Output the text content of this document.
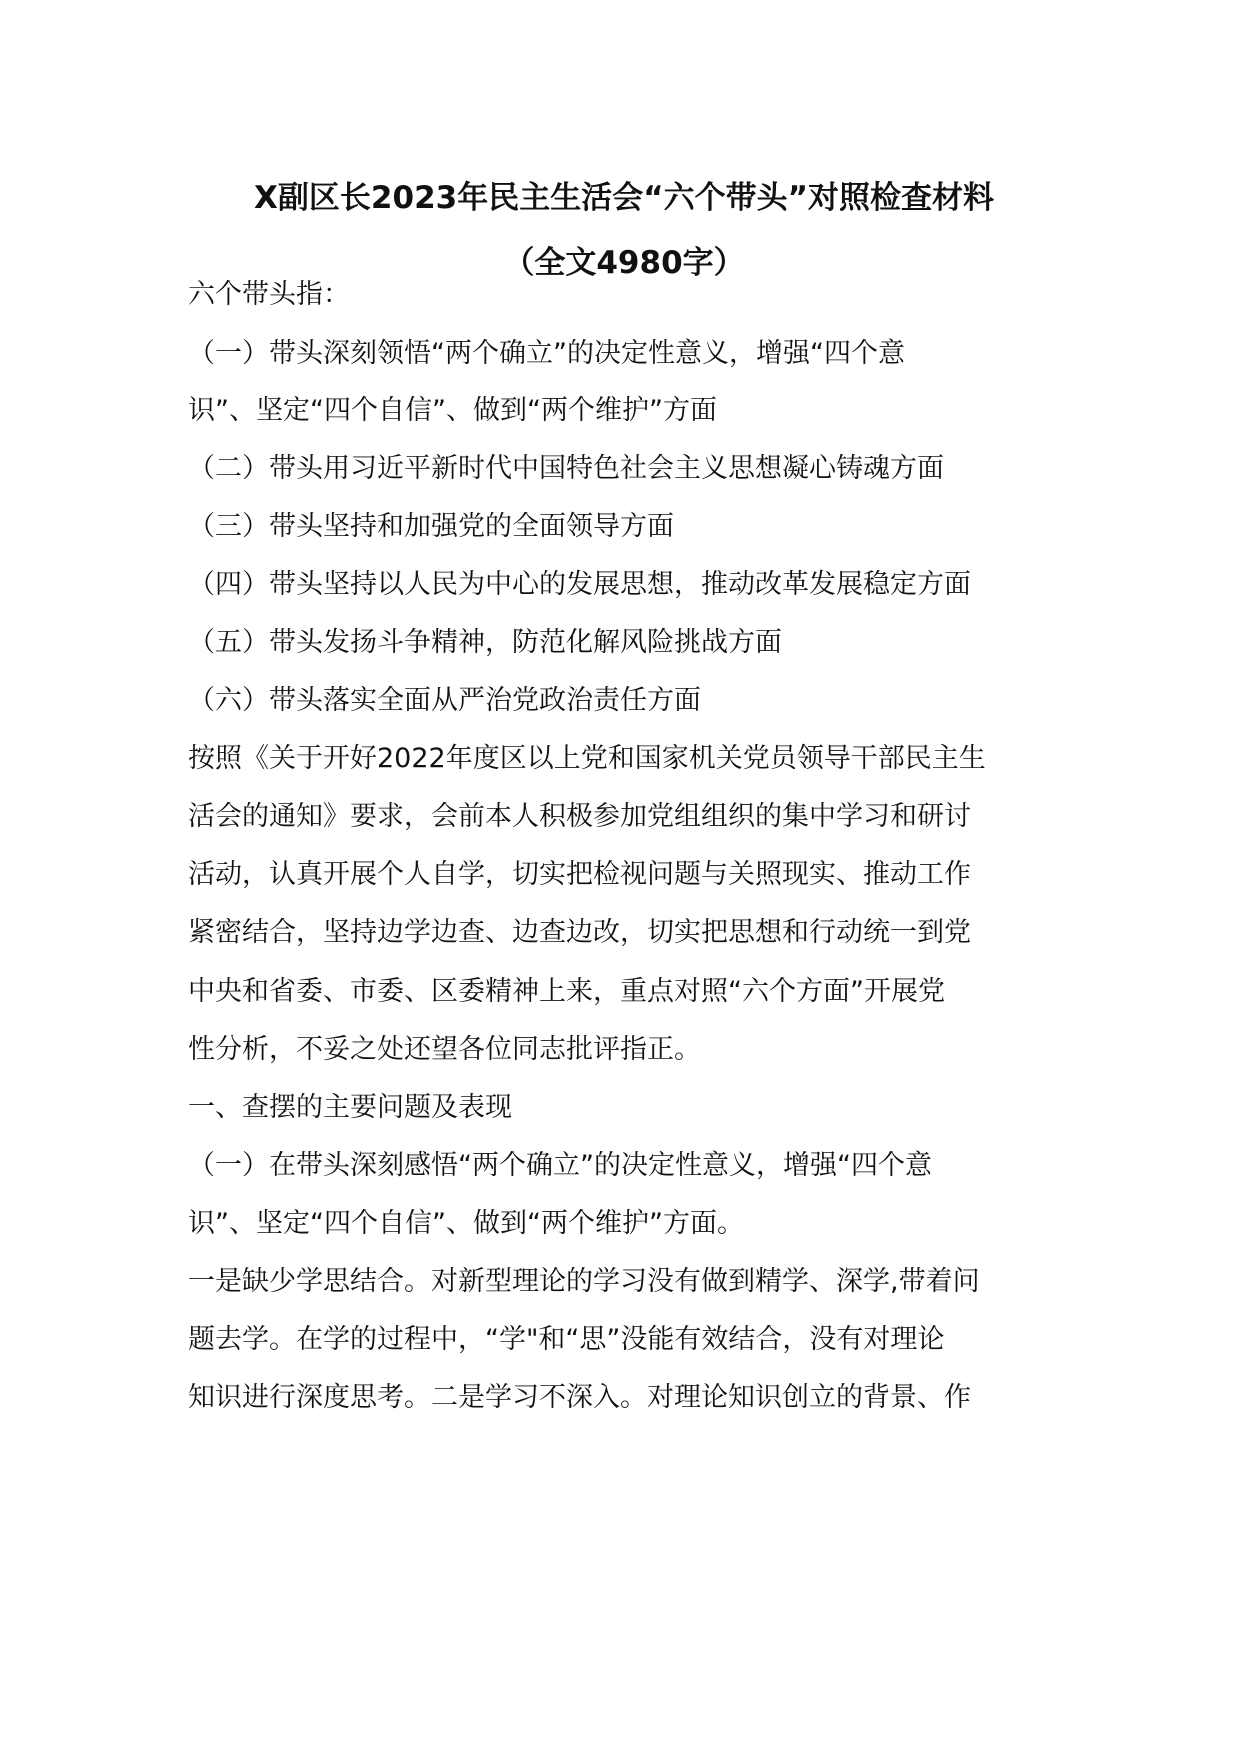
X副区长2023年民主生活会“六个带头”对照检查材料
（全文4980字）
六个带头指：
（一）带头深刻领悟“两个确立”的决定性意义，增强“四个意
识”、坚定“四个自信”、做到“两个维护”方面
（二）带头用习近平新时代中国特色社会主义思想凝心铸魂方面
（三）带头坚持和加强党的全面领导方面
（四）带头坚持以人民为中心的发展思想，推动改革发展稳定方面
（五）带头发扬斗争精神，防范化解风险挑战方面
（六）带头落实全面从严治党政治责任方面
按照《关于开好2022年度区以上党和国家机关党员领导干部民主生
活会的通知》要求，会前本人积极参加党组组织的集中学习和研讨
活动，认真开展个人自学，切实把检视问题与关照现实、推动工作
紧密结合，坚持边学边查、边查边改，切实把思想和行动统一到党
中央和省委、市委、区委精神上来，重点对照“六个方面”开展党
性分析，不妥之处还望各位同志批评指正。
一、查摆的主要问题及表现
（一）在带头深刻感悟“两个确立”的决定性意义，增强“四个意
识”、坚定“四个自信”、做到“两个维护”方面。
一是缺少学思结合。对新型理论的学习没有做到精学、深学,带着问
题去学。在学的过程中，“学"和“思”没能有效结合，没有对理论
知识进行深度思考。二是学习不深入。对理论知识创立的背景、作
